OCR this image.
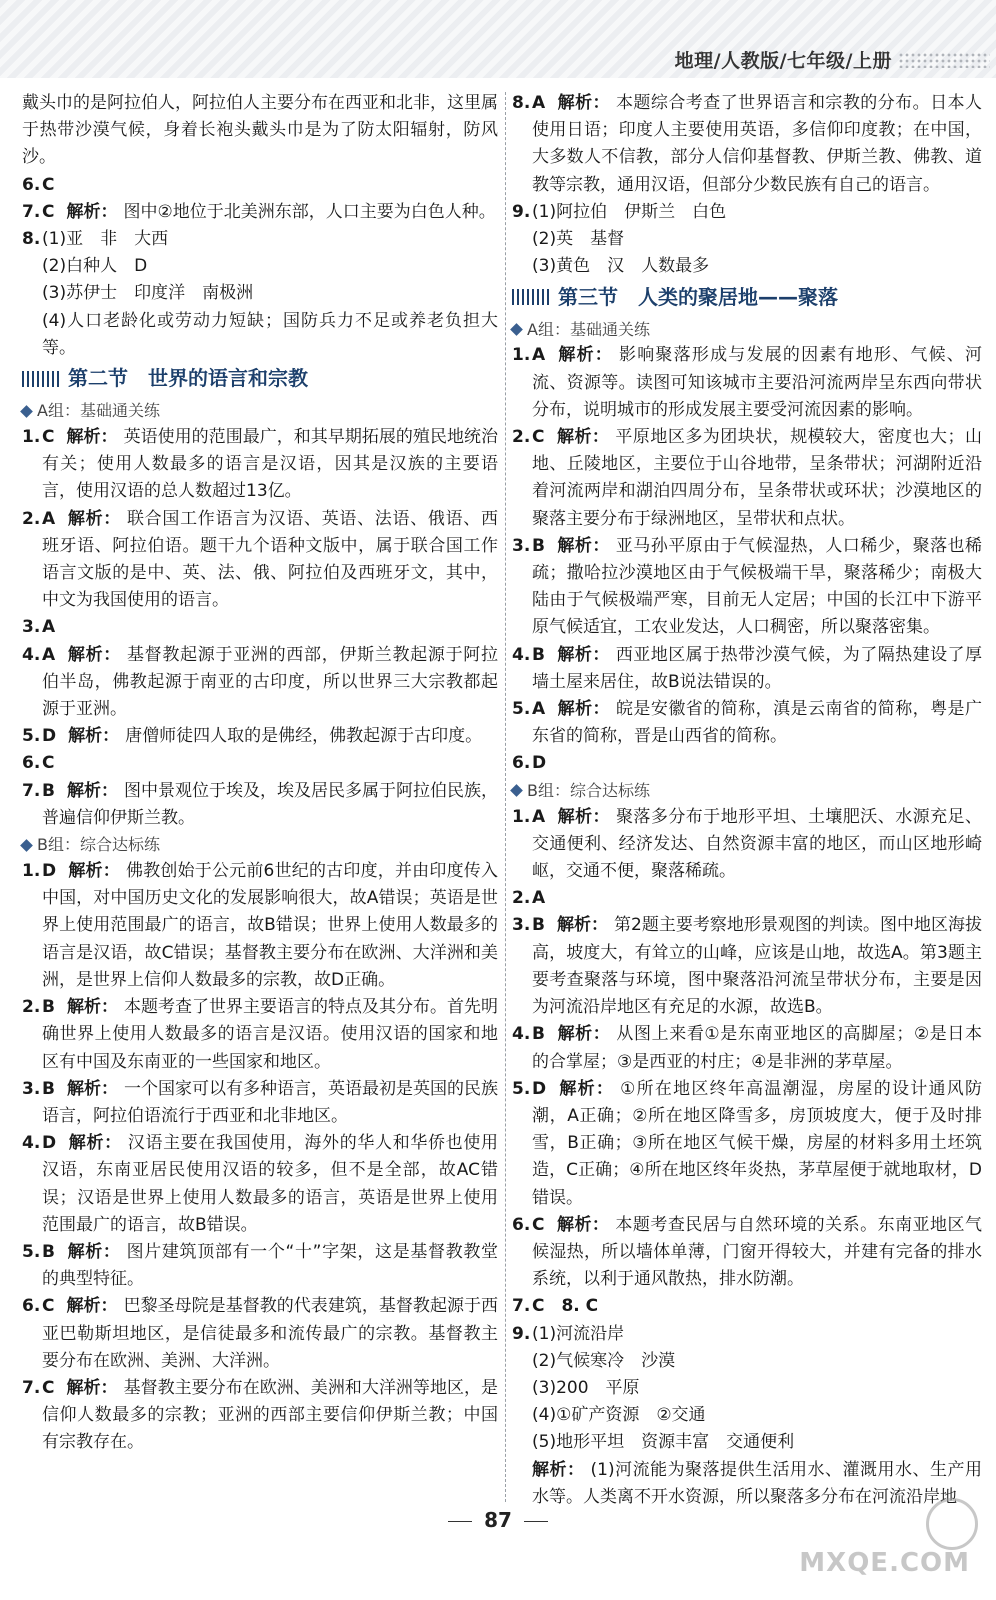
地理/人教版/七年级/上册
戴头巾的是阿拉伯人，阿拉伯人主要分布在西亚和北非，这里属于热带沙漠气候，身着长袍头戴头巾是为了防太阳辐射，防风沙。
6. C
7. C 解析： 图中②地位于北美洲东部，人口主要为白色人种。
8. (1)亚　非　大西
(2)白种人　D
(3)苏伊士　印度洋　南极洲
(4)人口老龄化或劳动力短缺；国防兵力不足或养老负担大等。
第二节　世界的语言和宗教
A组：基础通关练
1. C 解析： 英语使用的范围最广，和其早期拓展的殖民地统治有关；使用人数最多的语言是汉语，因其是汉族的主要语言，使用汉语的总人数超过13亿。
2. A 解析： 联合国工作语言为汉语、英语、法语、俄语、西班牙语、阿拉伯语。题干九个语种文版中，属于联合国工作语言文版的是中、英、法、俄、阿拉伯及西班牙文，其中，中文为我国使用的语言。
3. A
4. A 解析： 基督教起源于亚洲的西部，伊斯兰教起源于阿拉伯半岛，佛教起源于南亚的古印度，所以世界三大宗教都起源于亚洲。
5. D 解析： 唐僧师徒四人取的是佛经，佛教起源于古印度。
6. C
7. B 解析： 图中景观位于埃及，埃及居民多属于阿拉伯民族，普遍信仰伊斯兰教。
B组：综合达标练
1. D 解析： 佛教创始于公元前6世纪的古印度，并由印度传入中国，对中国历史文化的发展影响很大，故A错误；英语是世界上使用范围最广的语言，故B错误；世界上使用人数最多的语言是汉语，故C错误；基督教主要分布在欧洲、大洋洲和美洲，是世界上信仰人数最多的宗教，故D正确。
2. B 解析： 本题考查了世界主要语言的特点及其分布。首先明确世界上使用人数最多的语言是汉语。使用汉语的国家和地区有中国及东南亚的一些国家和地区。
3. B 解析： 一个国家可以有多种语言，英语最初是英国的民族语言，阿拉伯语流行于西亚和北非地区。
4. D 解析： 汉语主要在我国使用，海外的华人和华侨也使用汉语，东南亚居民使用汉语的较多，但不是全部，故AC错误；汉语是世界上使用人数最多的语言，英语是世界上使用范围最广的语言，故B错误。
5. B 解析： 图片建筑顶部有一个“十”字架，这是基督教教堂的典型特征。
6. C 解析： 巴黎圣母院是基督教的代表建筑，基督教起源于西亚巴勒斯坦地区，是信徒最多和流传最广的宗教。基督教主要分布在欧洲、美洲、大洋洲。
7. C 解析： 基督教主要分布在欧洲、美洲和大洋洲等地区，是信仰人数最多的宗教；亚洲的西部主要信仰伊斯兰教；中国有宗教存在。
8. A 解析： 本题综合考查了世界语言和宗教的分布。日本人使用日语；印度人主要使用英语，多信仰印度教；在中国，大多数人不信教，部分人信仰基督教、伊斯兰教、佛教、道教等宗教，通用汉语，但部分少数民族有自己的语言。
9. (1)阿拉伯　伊斯兰　白色
(2)英　基督
(3)黄色　汉　人数最多
第三节　人类的聚居地——聚落
A组：基础通关练
1. A 解析： 影响聚落形成与发展的因素有地形、气候、河流、资源等。读图可知该城市主要沿河流两岸呈东西向带状分布，说明城市的形成发展主要受河流因素的影响。
2. C 解析： 平原地区多为团块状，规模较大，密度也大；山地、丘陵地区，主要位于山谷地带，呈条带状；河湖附近沿着河流两岸和湖泊四周分布，呈条带状或环状；沙漠地区的聚落主要分布于绿洲地区，呈带状和点状。
3. B 解析： 亚马孙平原由于气候湿热，人口稀少，聚落也稀疏；撒哈拉沙漠地区由于气候极端干旱，聚落稀少；南极大陆由于气候极端严寒，目前无人定居；中国的长江中下游平原气候适宜，工农业发达，人口稠密，所以聚落密集。
4. B 解析： 西亚地区属于热带沙漠气候，为了隔热建设了厚墙土屋来居住，故B说法错误的。
5. A 解析： 皖是安徽省的简称，滇是云南省的简称，粤是广东省的简称，晋是山西省的简称。
6. D
B组：综合达标练
1. A 解析： 聚落多分布于地形平坦、土壤肥沃、水源充足、交通便利、经济发达、自然资源丰富的地区，而山区地形崎岖，交通不便，聚落稀疏。
2. A
3. B 解析： 第2题主要考察地形景观图的判读。图中地区海拔高，坡度大，有耸立的山峰，应该是山地，故选A。第3题主要考查聚落与环境，图中聚落沿河流呈带状分布，主要是因为河流沿岸地区有充足的水源，故选B。
4. B 解析： 从图上来看①是东南亚地区的高脚屋；②是日本的合掌屋；③是西亚的村庄；④是非洲的茅草屋。
5. D 解析： ①所在地区终年高温潮湿，房屋的设计通风防潮，A正确；②所在地区降雪多，房顶坡度大，便于及时排雪，B正确；③所在地区气候干燥，房屋的材料多用土坯筑造，C正确；④所在地区终年炎热，茅草屋便于就地取材，D错误。
6. C 解析： 本题考查民居与自然环境的关系。东南亚地区气候湿热，所以墙体单薄，门窗开得较大，并建有完备的排水系统，以利于通风散热，排水防潮。
7. C　8. C
9. (1)河流沿岸
(2)气候寒冷　沙漠
(3)200　平原
(4)①矿产资源　②交通
(5)地形平坦　资源丰富　交通便利
解析： (1)河流能为聚落提供生活用水、灌溉用水、生产用水等。人类离不开水资源，所以聚落多分布在河流沿岸地
87
MXQE.COM
